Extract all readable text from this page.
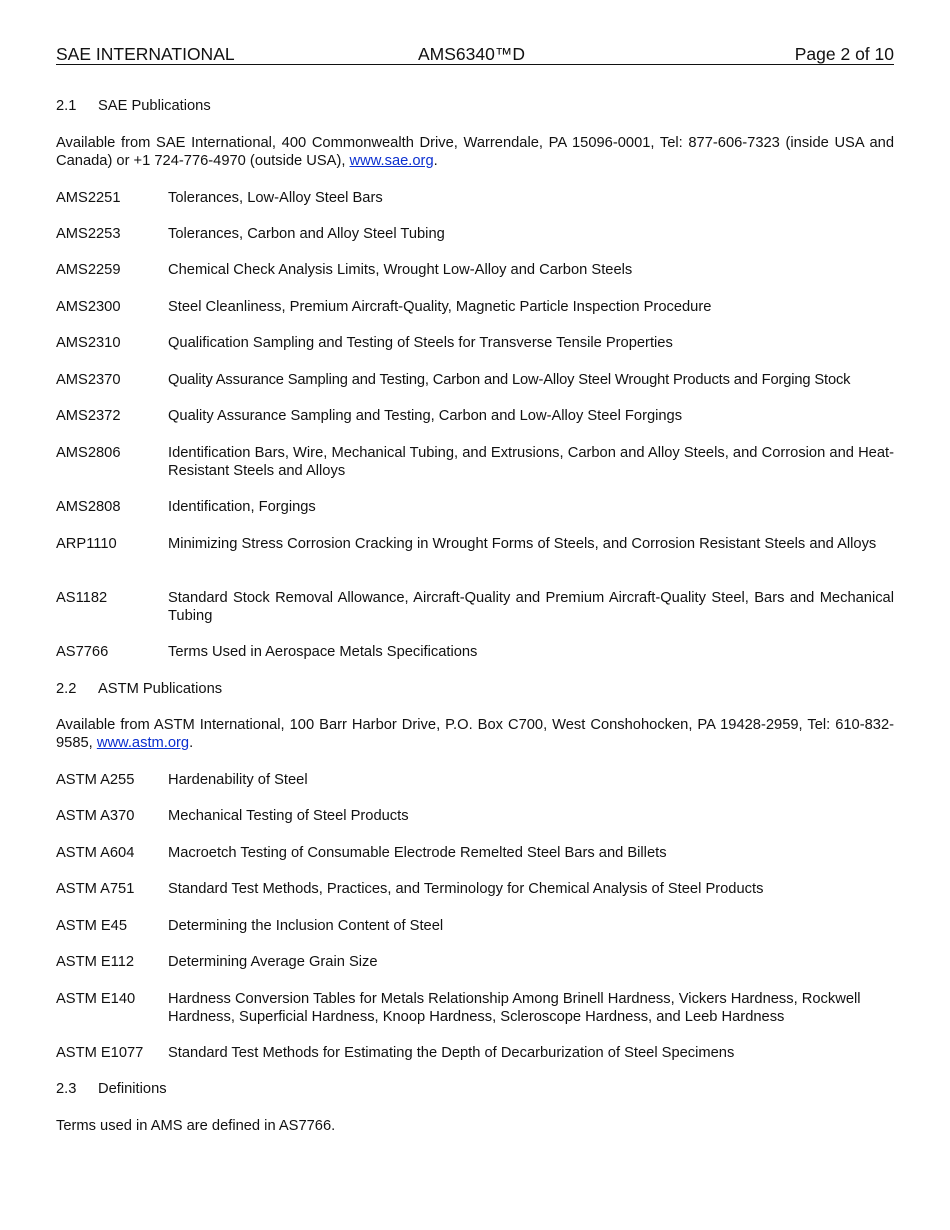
SAE INTERNATIONAL	AMS6340™D	Page 2 of 10
2.1 SAE Publications
Available from SAE International, 400 Commonwealth Drive, Warrendale, PA 15096-0001, Tel: 877-606-7323 (inside USA and Canada) or +1 724-776-4970 (outside USA), www.sae.org.
AMS2251	Tolerances, Low-Alloy Steel Bars
AMS2253	Tolerances, Carbon and Alloy Steel Tubing
AMS2259	Chemical Check Analysis Limits, Wrought Low-Alloy and Carbon Steels
AMS2300	Steel Cleanliness, Premium Aircraft-Quality, Magnetic Particle Inspection Procedure
AMS2310	Qualification Sampling and Testing of Steels for Transverse Tensile Properties
AMS2370	Quality Assurance Sampling and Testing, Carbon and Low-Alloy Steel Wrought Products and Forging Stock
AMS2372	Quality Assurance Sampling and Testing, Carbon and Low-Alloy Steel Forgings
AMS2806	Identification Bars, Wire, Mechanical Tubing, and Extrusions, Carbon and Alloy Steels, and Corrosion and Heat-Resistant Steels and Alloys
AMS2808	Identification, Forgings
ARP1110	Minimizing Stress Corrosion Cracking in Wrought Forms of Steels, and Corrosion Resistant Steels and Alloys
AS1182	Standard Stock Removal Allowance, Aircraft-Quality and Premium Aircraft-Quality Steel, Bars and Mechanical Tubing
AS7766	Terms Used in Aerospace Metals Specifications
2.2 ASTM Publications
Available from ASTM International, 100 Barr Harbor Drive, P.O. Box C700, West Conshohocken, PA 19428-2959, Tel: 610-832-9585, www.astm.org.
ASTM A255 Hardenability of Steel
ASTM A370 Mechanical Testing of Steel Products
ASTM A604 Macroetch Testing of Consumable Electrode Remelted Steel Bars and Billets
ASTM A751 Standard Test Methods, Practices, and Terminology for Chemical Analysis of Steel Products
ASTM E45	Determining the Inclusion Content of Steel
ASTM E112 Determining Average Grain Size
ASTM E140 Hardness Conversion Tables for Metals Relationship Among Brinell Hardness, Vickers Hardness, Rockwell Hardness, Superficial Hardness, Knoop Hardness, Scleroscope Hardness, and Leeb Hardness
ASTM E1077 Standard Test Methods for Estimating the Depth of Decarburization of Steel Specimens
2.3 Definitions
Terms used in AMS are defined in AS7766.
